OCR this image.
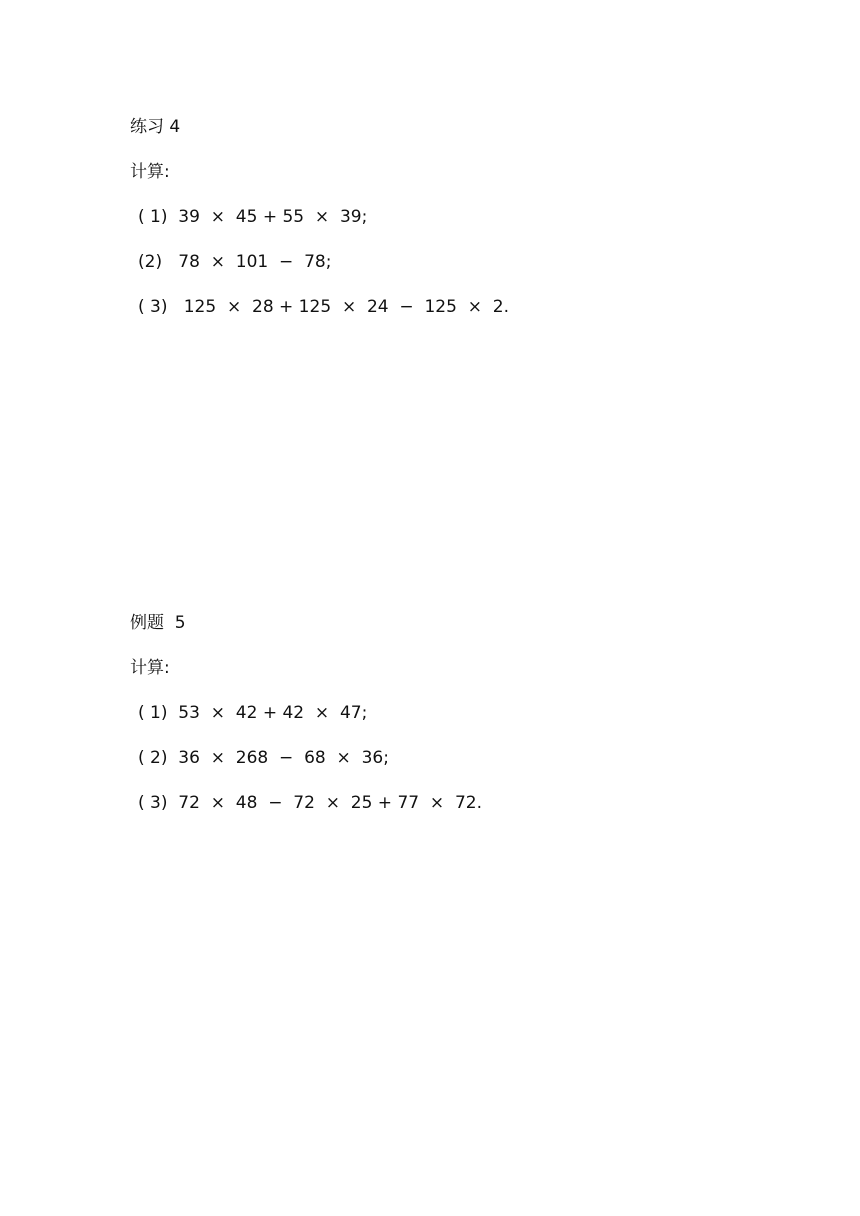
练习 4
计算:
( 1)  39  ×  45 + 55  ×  39;
(2)   78  ×  101  −  78;
( 3)   125  ×  28 + 125  ×  24  −  125  ×  2.
例题  5
计算:
( 1)  53  ×  42 + 42  ×  47;
( 2)  36  ×  268  −  68  ×  36;
( 3)  72  ×  48  −  72  ×  25 + 77  ×  72.
